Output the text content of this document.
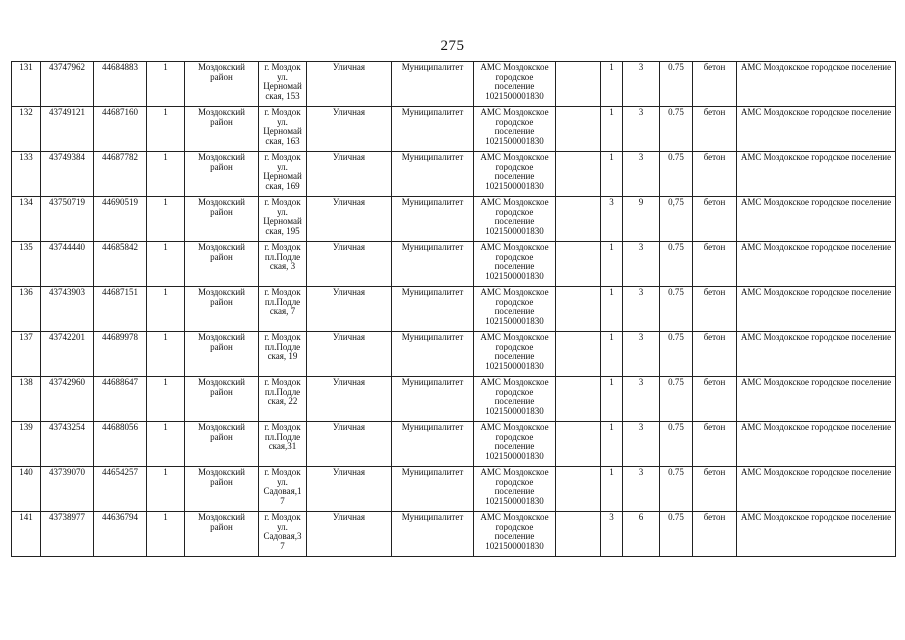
275
131	43747962	44684883	1	Моздокский район	г. Моздок ул. Церномай ская, 153	Уличная	Муниципалитет	АМС Моздокское городское поселение 1021500001830		1	3	0.75	бетон	АМС Моздокское городское поселение
132	43749121	44687160	1	Моздокский район	г. Моздок ул. Церномай ская, 163	Уличная	Муниципалитет	АМС Моздокское городское поселение 1021500001830		1	3	0.75	бетон	АМС Моздокское городское поселение
133	43749384	44687782	1	Моздокский район	г. Моздок ул. Церномай ская, 169	Уличная	Муниципалитет	АМС Моздокское городское поселение 1021500001830		1	3	0.75	бетон	АМС Моздокское городское поселение
134	43750719	44690519	1	Моздокский район	г. Моздок ул. Церномай ская, 195	Уличная	Муниципалитет	АМС Моздокское городское поселение 1021500001830		3	9	0,75	бетон	АМС Моздокское городское поселение
135	43744440	44685842	1	Моздокский район	г. Моздок пл.Подле ская, 3	Уличная	Муниципалитет	АМС Моздокское городское поселение 1021500001830		1	3	0.75	бетон	АМС Моздокское городское поселение
136	43743903	44687151	1	Моздокский район	г. Моздок пл.Подле ская, 7	Уличная	Муниципалитет	АМС Моздокское городское поселение 1021500001830		1	3	0.75	бетон	АМС Моздокское городское поселение
137	43742201	44689978	1	Моздокский район	г. Моздок пл.Подле ская, 19	Уличная	Муниципалитет	АМС Моздокское городское поселение 1021500001830		1	3	0.75	бетон	АМС Моздокское городское поселение
138	43742960	44688647	1	Моздокский район	г. Моздок пл.Подле ская, 22	Уличная	Муниципалитет	АМС Моздокское городское поселение 1021500001830		1	3	0.75	бетон	АМС Моздокское городское поселение
139	43743254	44688056	1	Моздокский район	г. Моздок пл.Подле ская,31	Уличная	Муниципалитет	АМС Моздокское городское поселение 1021500001830		1	3	0.75	бетон	АМС Моздокское городское поселение
140	43739070	44654257	1	Моздокский район	г. Моздок ул. Садовая,1 7	Уличная	Муниципалитет	АМС Моздокское городское поселение 1021500001830		1	3	0.75	бетон	АМС Моздокское городское поселение
141	43738977	44636794	1	Моздокский район	г. Моздок ул. Садовая,3 7	Уличная	Муниципалитет	АМС Моздокское городское поселение 1021500001830		3	6	0.75	бетон	АМС Моздокское городское поселение
